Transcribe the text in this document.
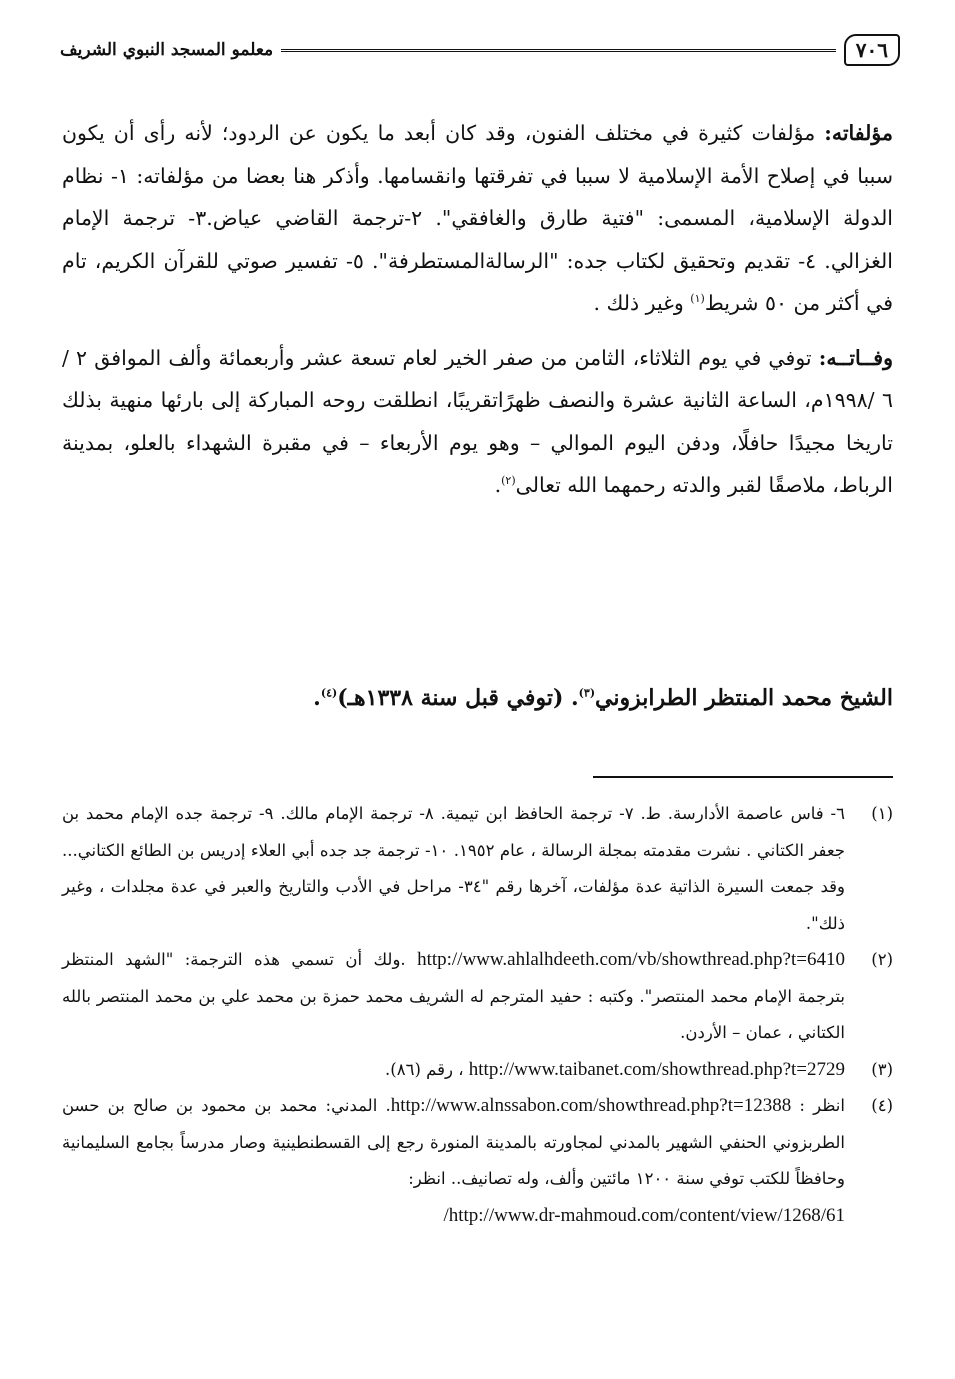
٧٠٦
معلمو المسجد النبوي الشريف

مؤلفاته: مؤلفات كثيرة في مختلف الفنون، وقد كان أبعد ما يكون عن الردود؛ لأنه رأى أن يكون سببا في إصلاح الأمة الإسلامية لا سببا في تفرقتها وانقسامها. وأذكر هنا بعضا من مؤلفاته: ١- نظام الدولة الإسلامية، المسمى: "فتية طارق والغافقي". ٢-ترجمة القاضي عياض.٣- ترجمة الإمام الغزالي. ٤- تقديم وتحقيق لكتاب جده: "الرسالةالمستطرفة". ٥- تفسير صوتي للقرآن الكريم، تام في أكثر من ٥٠ شريط$^{(١)}$ وغير ذلك .

وفــاتــه: توفي في يوم الثلاثاء، الثامن من صفر الخير لعام تسعة عشر وأربعمائة وألف الموافق ٢ /٦ /١٩٩٨م، الساعة الثانية عشرة والنصف ظهرًاتقريبًا، انطلقت روحه المباركة إلى بارئها منهية بذلك تاريخا مجيدًا حافلًا، ودفن اليوم الموالي – وهو يوم الأربعاء – في مقبرة الشهداء بالعلو، بمدينة الرباط، ملاصقًا لقبر والدته رحمهما الله تعالى$^{(٢)}$.

الشيخ محمد المنتظر الطرابزوني$^{(٣)}$. (توفي قبل سنة ١٣٣٨هـ)$^{(٤)}$.

(١)
٦- فاس عاصمة الأدارسة. ط. ٧- ترجمة الحافظ ابن تيمية. ٨- ترجمة الإمام مالك. ٩- ترجمة جده الإمام محمد بن جعفر الكتاني . نشرت مقدمته بمجلة الرسالة ، عام ١٩٥٢. ١٠- ترجمة جد جده أبي العلاء إدريس بن الطائع الكتاني... وقد جمعت السيرة الذاتية عدة مؤلفات، آخرها رقم "٣٤- مراحل في الأدب والتاريخ والعبر في عدة مجلدات ، وغير ذلك".

(٢)
http://www.ahlalhdeeth.com/vb/showthread.php?t=6410 .ولك أن تسمي هذه الترجمة: "الشهد المنتظر بترجمة الإمام محمد المنتصر". وكتبه : حفيد المترجم له الشريف محمد حمزة بن محمد علي بن محمد المنتصر بالله الكتاني ، عمان – الأردن.

(٣)
http://www.taibanet.com/showthread.php?t=2729 ، رقم (٨٦).

(٤)
انظر : http://www.alnssabon.com/showthread.php?t=12388. المدني: محمد بن محمود بن صالح بن حسن الطربزوني الحنفي الشهير بالمدني لمجاورته بالمدينة المنورة رجع إلى القسطنطينية وصار مدرساً بجامع السليمانية وحافظاً للكتب توفي سنة ١٢٠٠ مائتين وألف، وله تصانيف.. انظر:

/http://www.dr-mahmoud.com/content/view/1268/61
